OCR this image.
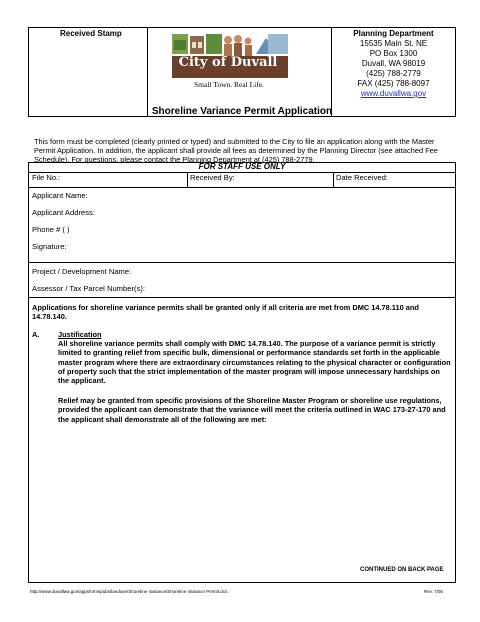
Received Stamp
City of Duvall
Small Town. Real Life.
Planning Department
15535 Main St. NE
PO Box 1300
Duvall, WA 98019
(425) 788-2779
FAX (425) 788-8097
www.duvallwa.gov
Shoreline Variance Permit Application
This form must be completed (clearly printed or typed) and submitted to the City to file an application along with the Master Permit Application. In addition, the applicant shall provide all fees as determined by the Planning Director (see attached Fee Schedule). For questions, please contact the Planning Department at (425) 788-2779.
FOR STAFF USE ONLY
File No.:	Received By:	Date Received:
Applicant Name:
Applicant Address:
Phone # ( )
Signature:
Project / Development Name:
Assessor / Tax Parcel Number(s):
Applications for shoreline variance permits shall be granted only if all criteria are met from DMC 14.78.110 and 14.78.140.
A.	Justification
All shoreline variance permits shall comply with DMC 14.78.140. The purpose of a variance permit is strictly limited to granting relief from specific bulk, dimensional or performance standards set forth in the applicable master program where there are extraordinary circumstances relating to the physical character or configuration of property such that the strict implementation of the master program will impose unnecessary hardships on the applicant.
Relief may be granted from specific provisions of the Shoreline Master Program or shoreline use regulations, provided the applicant can demonstrate that the variance will meet the criteria outlined in WAC 173-27-170 and the applicant shall demonstrate all of the following are met:
CONTINUED ON BACK PAGE
http://www.duvallwa.gov/appsformspubs/landuse/Shoreline Variance/Shoreline Variance Permit.doc	Rev. 7/05
